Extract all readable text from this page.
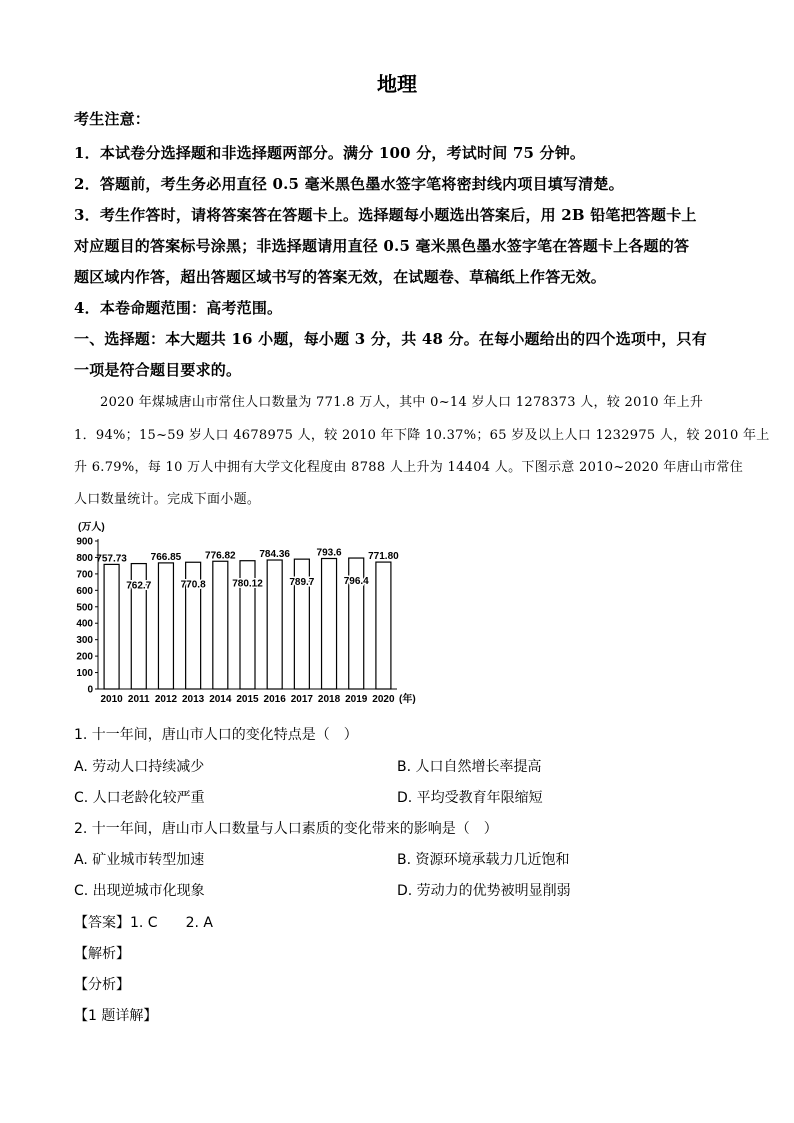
地理
考生注意：
1．本试卷分选择题和非选择题两部分。满分 100 分，考试时间 75 分钟。
2．答题前，考生务必用直径 0.5 毫米黑色墨水签字笔将密封线内项目填写清楚。
3．考生作答时，请将答案答在答题卡上。选择题每小题选出答案后，用 2B 铅笔把答题卡上
对应题目的答案标号涂黑；非选择题请用直径 0.5 毫米黑色墨水签字笔在答题卡上各题的答
题区域内作答，超出答题区域书写的答案无效，在试题卷、草稿纸上作答无效。
4．本卷命题范围：高考范围。
一、选择题：本大题共 16 小题，每小题 3 分，共 48 分。在每小题给出的四个选项中，只有
一项是符合题目要求的。
2020 年煤城唐山市常住人口数量为 771.8 万人，其中 0~14 岁人口 1278373 人，较 2010 年上升
1．94%；15~59 岁人口 4678975 人，较 2010 年下降 10.37%；65 岁及以上人口 1232975 人，较 2010 年上
升 6.79%，每 10 万人中拥有大学文化程度由 8788 人上升为 14404 人。下图示意 2010~2020 年唐山市常住
人口数量统计。完成下面小题。
(万人)
0
100
200
300
400
500
600
700
800
900
(年)
2010
757.73
2011
762.7
2012
766.85
2013
770.8
2014
776.82
2015
780.12
2016
784.36
2017
789.7
2018
793.6
2019
796.4
2020
771.80
1. 十一年间，唐山市人口的变化特点是（　）
A. 劳动人口持续减少	B. 人口自然增长率提高
C. 人口老龄化较严重	D. 平均受教育年限缩短
2. 十一年间，唐山市人口数量与人口素质的变化带来的影响是（　）
A. 矿业城市转型加速	B. 资源环境承载力几近饱和
C. 出现逆城市化现象	D. 劳动力的优势被明显削弱
【答案】1. C　　2. A
【解析】
【分析】
【1 题详解】
